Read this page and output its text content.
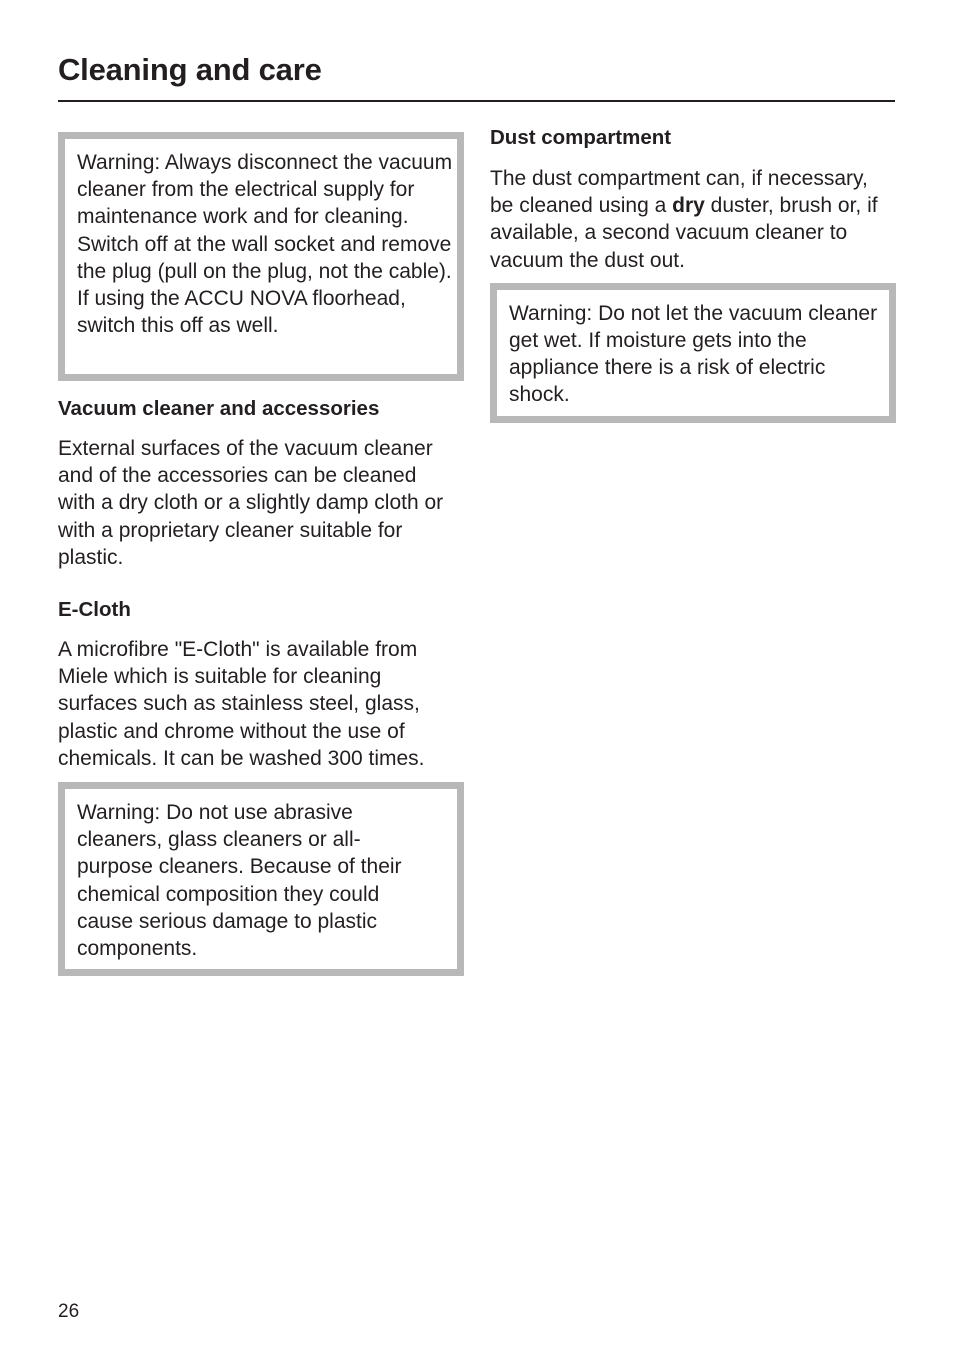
Cleaning and care

Warning: Always disconnect the vacuum cleaner from the electrical supply for maintenance work and for cleaning. Switch off at the wall socket and remove the plug (pull on the plug, not the cable). If using the ACCU NOVA floorhead, switch this off as well.

Vacuum cleaner and accessories

External surfaces of the vacuum cleaner and of the accessories can be cleaned with a dry cloth or a slightly damp cloth or with a proprietary cleaner suitable for plastic.

E-Cloth

A microfibre "E-Cloth" is available from Miele which is suitable for cleaning surfaces such as stainless steel, glass, plastic and chrome without the use of chemicals. It can be washed 300 times.

Warning: Do not use abrasive cleaners, glass cleaners or all-purpose cleaners. Because of their chemical composition they could cause serious damage to plastic components.

Dust compartment

The dust compartment can, if necessary, be cleaned using a dry duster, brush or, if available, a second vacuum cleaner to vacuum the dust out.

Warning: Do not let the vacuum cleaner get wet. If moisture gets into the appliance there is a risk of electric shock.

26
